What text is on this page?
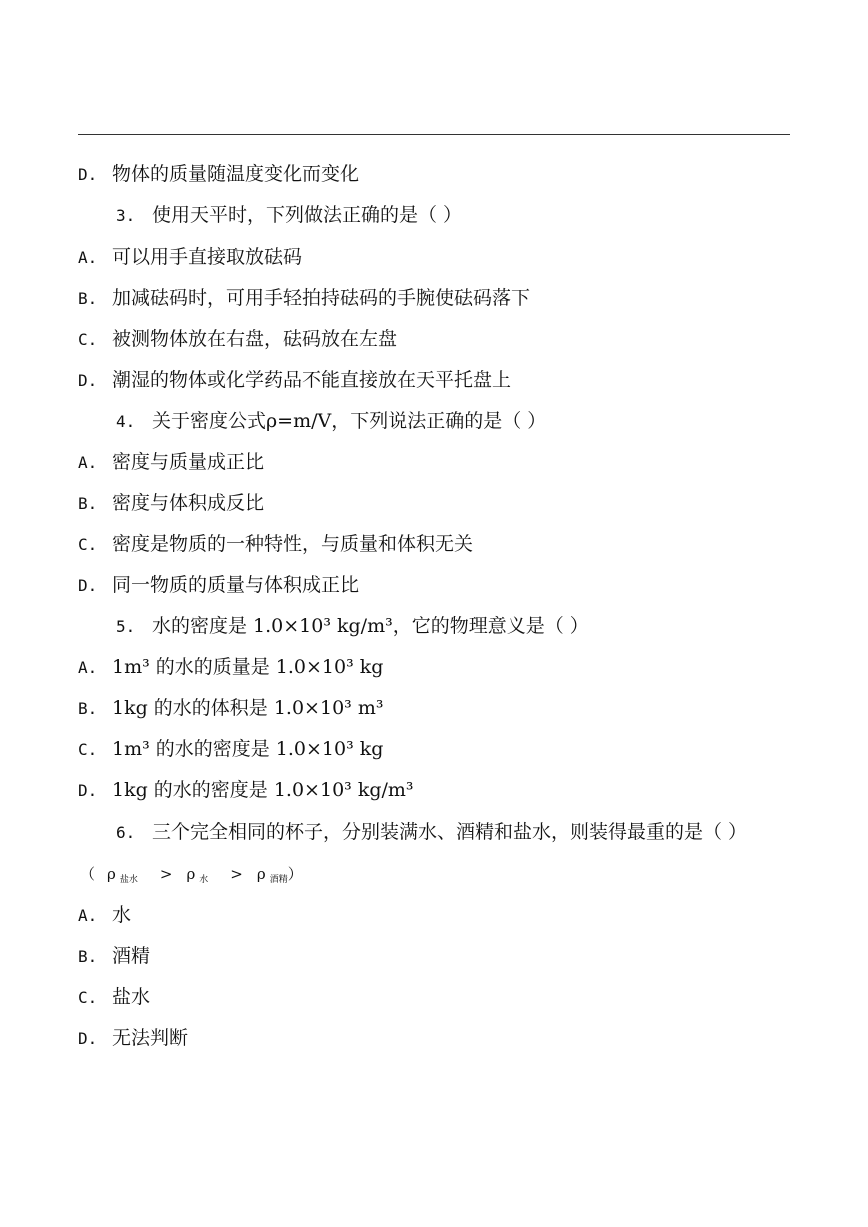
D. 物体的质量随温度变化而变化
3. 使用天平时，下列做法正确的是（ ）
A. 可以用手直接取放砝码
B. 加减砝码时，可用手轻拍持砝码的手腕使砝码落下
C. 被测物体放在右盘，砝码放在左盘
D. 潮湿的物体或化学药品不能直接放在天平托盘上
4. 关于密度公式ρ=m/V，下列说法正确的是（ ）
A. 密度与质量成正比
B. 密度与体积成反比
C. 密度是物质的一种特性，与质量和体积无关
D. 同一物质的质量与体积成正比
5. 水的密度是 1.0×10³ kg/m³，它的物理意义是（ ）
A. 1m³ 的水的质量是 1.0×10³ kg
B. 1kg 的水的体积是 1.0×10³ m³
C. 1m³ 的水的密度是 1.0×10³ kg
D. 1kg 的水的密度是 1.0×10³ kg/m³
6. 三个完全相同的杯子，分别装满水、酒精和盐水，则装得最重的是（ ）
（ ρ $_{盐水}$ > ρ $_水$ > ρ $_{酒精}$）
A. 水
B. 酒精
C. 盐水
D. 无法判断
